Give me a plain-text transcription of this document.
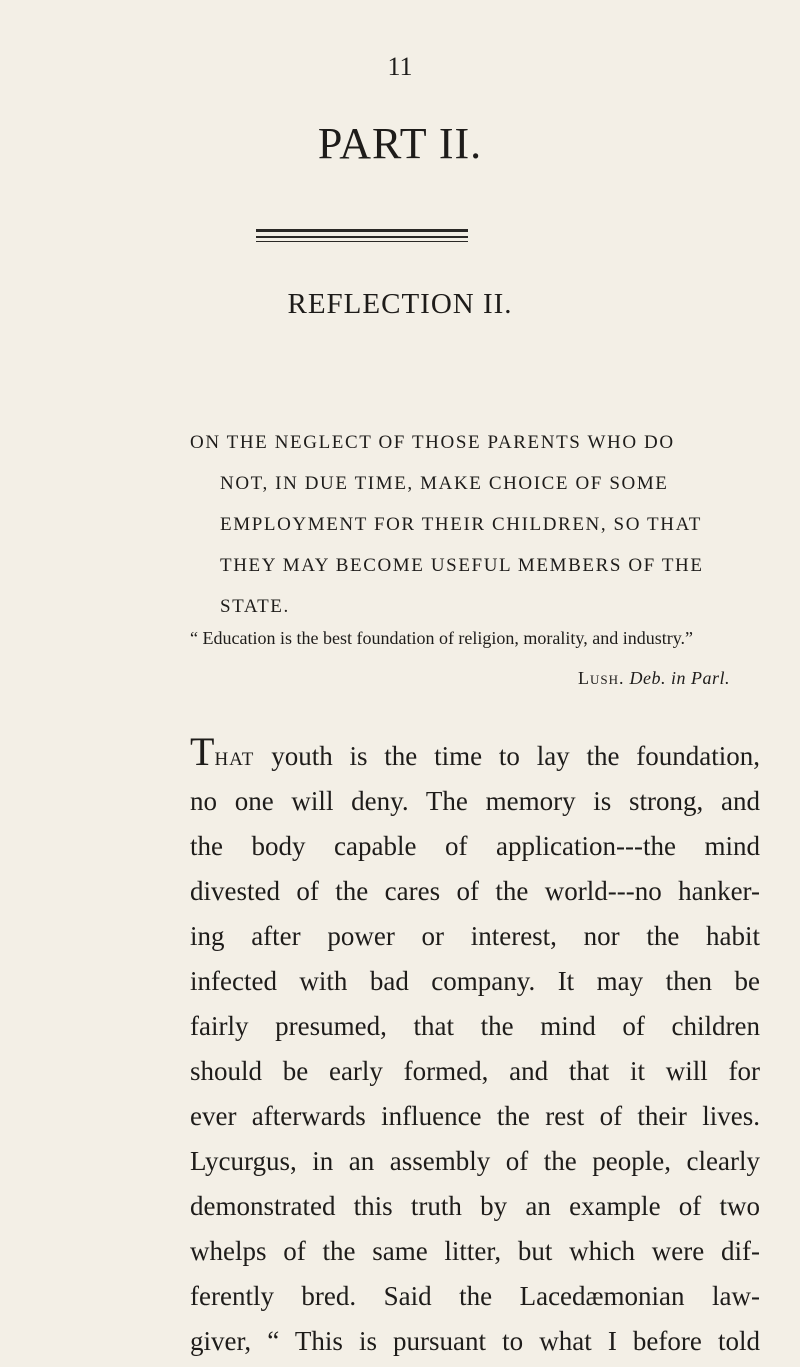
11
PART II.
REFLECTION II.
ON THE NEGLECT OF THOSE PARENTS WHO DO
NOT, IN DUE TIME, MAKE CHOICE OF SOME
EMPLOYMENT FOR THEIR CHILDREN, SO THAT
THEY MAY BECOME USEFUL MEMBERS OF THE
STATE.
“ Education is the best foundation of religion, morality, and industry.”
Lush. Deb. in Parl.
That youth is the time to lay the foundation,
no one will deny. The memory is strong, and
the body capable of application---the mind
divested of the cares of the world---no hanker-
ing after power or interest, nor the habit
infected with bad company. It may then be
fairly presumed, that the mind of children
should be early formed, and that it will for
ever afterwards influence the rest of their lives.
Lycurgus, in an assembly of the people, clearly
demonstrated this truth by an example of two
whelps of the same litter, but which were dif-
ferently bred. Said the Lacedæmonian law-
giver, “ This is pursuant to what I before told
